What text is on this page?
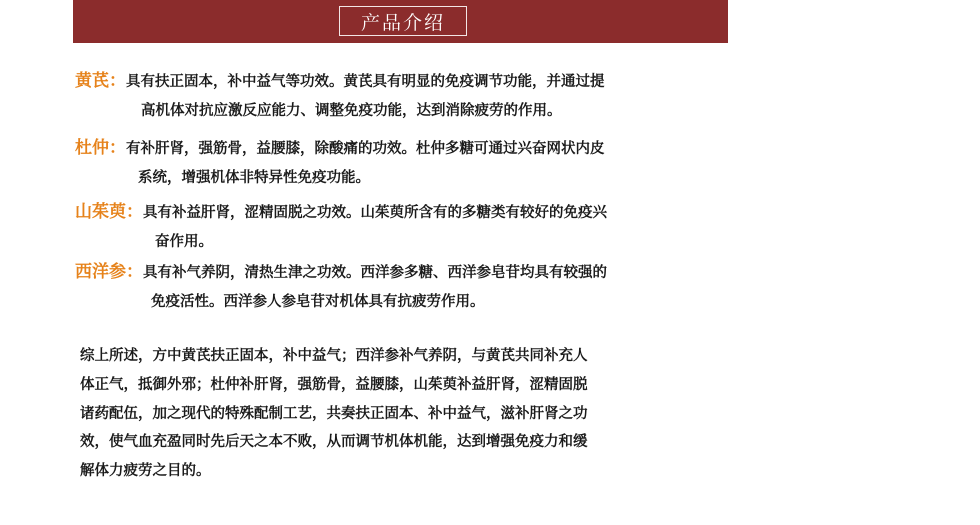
产品介绍
黄芪：具有扶正固本，补中益气等功效。黄芪具有明显的免疫调节功能，并通过提
高机体对抗应激反应能力、调整免疫功能，达到消除疲劳的作用。
杜仲：有补肝肾，强筋骨，益腰膝，除酸痛的功效。杜仲多糖可通过兴奋网状内皮
系统，增强机体非特异性免疫功能。
山茱萸：具有补益肝肾，涩精固脱之功效。山茱萸所含有的多糖类有较好的免疫兴
奋作用。
西洋参：具有补气养阴，清热生津之功效。西洋参多糖、西洋参皂苷均具有较强的
免疫活性。西洋参人参皂苷对机体具有抗疲劳作用。
综上所述，方中黄芪扶正固本，补中益气；西洋参补气养阴，与黄芪共同补充人
体正气，抵御外邪；杜仲补肝肾，强筋骨，益腰膝，山茱萸补益肝肾，涩精固脱
诸药配伍，加之现代的特殊配制工艺，共奏扶正固本、补中益气，滋补肝肾之功
效，使气血充盈同时先后天之本不败，从而调节机体机能，达到增强免疫力和缓
解体力疲劳之目的。
